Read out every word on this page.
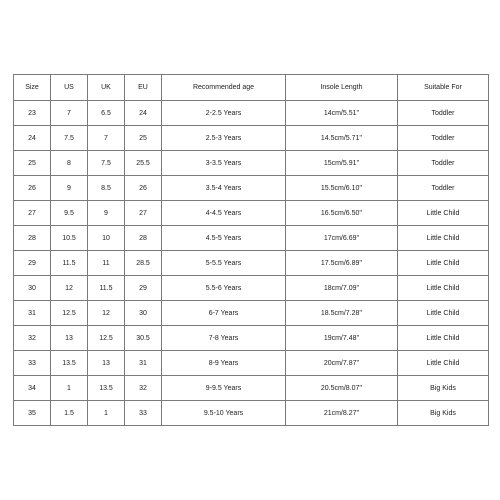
Size	US	UK	EU	Recommended age	Insole Length	Suitable For
23	7	6.5	24	2-2.5 Years	14cm/5.51''	Toddler
24	7.5	7	25	2.5-3 Years	14.5cm/5.71''	Toddler
25	8	7.5	25.5	3-3.5 Years	15cm/5.91''	Toddler
26	9	8.5	26	3.5-4 Years	15.5cm/6.10''	Toddler
27	9.5	9	27	4-4.5 Years	16.5cm/6.50''	Little Child
28	10.5	10	28	4.5-5 Years	17cm/6.69''	Little Child
29	11.5	11	28.5	5-5.5 Years	17.5cm/6.89''	Little Child
30	12	11.5	29	5.5-6 Years	18cm/7.09''	Little Child
31	12.5	12	30	6-7 Years	18.5cm/7.28''	Little Child
32	13	12.5	30.5	7-8 Years	19cm/7.48''	Little Child
33	13.5	13	31	8-9 Years	20cm/7.87''	Little Child
34	1	13.5	32	9-9.5 Years	20.5cm/8.07''	Big Kids
35	1.5	1	33	9.5-10 Years	21cm/8.27''	Big Kids
